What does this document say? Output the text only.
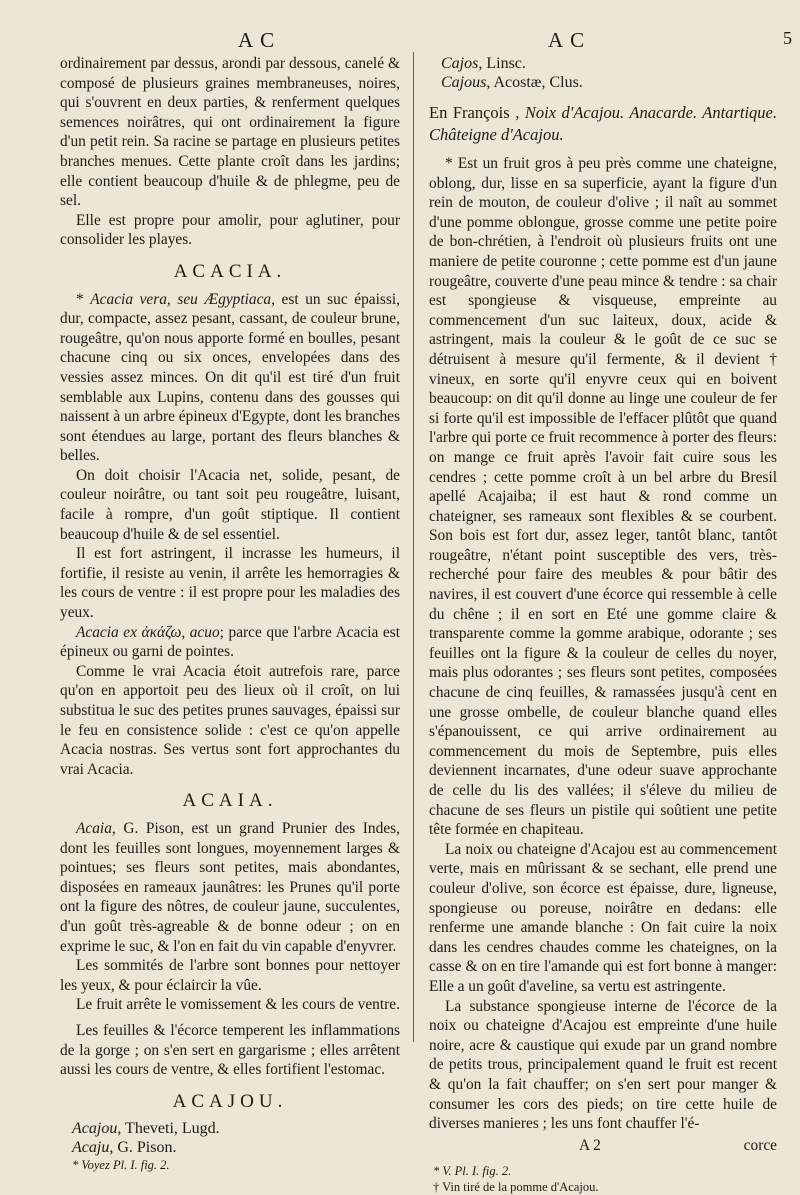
AC	AC	5

ordinairement par dessus, arondi par dessous, canelé & composé de plusieurs graines membraneuses, noires, qui s'ouvrent en deux parties, & renferment quelques semences noirâtres, qui ont ordinairement la figure d'un petit rein. Sa racine se partage en plusieurs petites branches menues. Cette plante croît dans les jardins; elle contient beaucoup d'huile & de phlegme, peu de sel.

Elle est propre pour amolir, pour aglutiner, pour consolider les playes.

ACACIA.

* Acacia vera, seu Ægyptiaca, est un suc épaissi, dur, compacte, assez pesant, cassant, de couleur brune, rougeâtre, qu'on nous apporte formé en boulles, pesant chacune cinq ou six onces, envelopées dans des vessies assez minces. On dit qu'il est tiré d'un fruit semblable aux Lupins, contenu dans des gousses qui naissent à un arbre épineux d'Egypte, dont les branches sont étendues au large, portant des fleurs blanches & belles.

On doit choisir l'Acacia net, solide, pesant, de couleur noirâtre, ou tant soit peu rougeâtre, luisant, facile à rompre, d'un goût stiptique. Il contient beaucoup d'huile & de sel essentiel.

Il est fort astringent, il incrasse les humeurs, il fortifie, il resiste au venin, il arrête les hemorragies & les cours de ventre : il est propre pour les maladies des yeux.

Acacia ex ἀκάζω, acuo; parce que l'arbre Acacia est épineux ou garni de pointes.

Comme le vrai Acacia étoit autrefois rare, parce qu'on en apportoit peu des lieux où il croît, on lui substitua le suc des petites prunes sauvages, épaissi sur le feu en consistence solide : c'est ce qu'on appelle Acacia nostras. Ses vertus sont fort approchantes du vrai Acacia.

ACAIA.

Acaia, G. Pison, est un grand Prunier des Indes, dont les feuilles sont longues, moyennement larges & pointues; ses fleurs sont petites, mais abondantes, disposées en rameaux jaunâtres: les Prunes qu'il porte ont la figure des nôtres, de couleur jaune, succulentes, d'un goût très-agreable & de bonne odeur ; on en exprime le suc, & l'on en fait du vin capable d'enyvrer.

Les sommités de l'arbre sont bonnes pour nettoyer les yeux, & pour éclaircir la vûe.

Le fruit arrête le vomissement & les cours de ventre.

Les feuilles & l'écorce temperent les inflammations de la gorge ; on s'en sert en gargarisme ; elles arrêtent aussi les cours de ventre, & elles fortifient l'estomac.

ACAJOU.

Acajou, Theveti, Lugd.

Acaju, G. Pison.

* Voyez Pl. I. fig. 2.

Cajos, Linsc.

Cajous, Acostæ, Clus.

En François , Noix d'Acajou. Anacarde. Antartique. Châteigne d'Acajou.

* Est un fruit gros à peu près comme une chateigne, oblong, dur, lisse en sa superficie, ayant la figure d'un rein de mouton, de couleur d'olive ; il naît au sommet d'une pomme oblongue, grosse comme une petite poire de bon-chrétien, à l'endroit où plusieurs fruits ont une maniere de petite couronne ; cette pomme est d'un jaune rougeâtre, couverte d'une peau mince & tendre : sa chair est spongieuse & visqueuse, empreinte au commencement d'un suc laiteux, doux, acide & astringent, mais la couleur & le goût de ce suc se détruisent à mesure qu'il fermente, & il devient † vineux, en sorte qu'il enyvre ceux qui en boivent beaucoup: on dit qu'il donne au linge une couleur de fer si forte qu'il est impossible de l'effacer plûtôt que quand l'arbre qui porte ce fruit recommence à porter des fleurs: on mange ce fruit après l'avoir fait cuire sous les cendres ; cette pomme croît à un bel arbre du Bresil apellé Acajaiba; il est haut & rond comme un chateigner, ses rameaux sont flexibles & se courbent. Son bois est fort dur, assez leger, tantôt blanc, tantôt rougeâtre, n'étant point susceptible des vers, très-recherché pour faire des meubles & pour bâtir des navires, il est couvert d'une écorce qui ressemble à celle du chêne ; il en sort en Eté une gomme claire & transparente comme la gomme arabique, odorante ; ses feuilles ont la figure & la couleur de celles du noyer, mais plus odorantes ; ses fleurs sont petites, composées chacune de cinq feuilles, & ramassées jusqu'à cent en une grosse ombelle, de couleur blanche quand elles s'épanouissent, ce qui arrive ordinairement au commencement du mois de Septembre, puis elles deviennent incarnates, d'une odeur suave approchante de celle du lis des vallées; il s'éleve du milieu de chacune de ses fleurs un pistile qui soûtient une petite tête formée en chapiteau.

La noix ou chateigne d'Acajou est au commencement verte, mais en mûrissant & se sechant, elle prend une couleur d'olive, son écorce est épaisse, dure, ligneuse, spongieuse ou poreuse, noirâtre en dedans: elle renferme une amande blanche : On fait cuire la noix dans les cendres chaudes comme les chateignes, on la casse & on en tire l'amande qui est fort bonne à manger: Elle a un goût d'aveline, sa vertu est astringente.

La substance spongieuse interne de l'écorce de la noix ou chateigne d'Acajou est empreinte d'une huile noire, acre & caustique qui exude par un grand nombre de petits trous, principalement quand le fruit est recent & qu'on la fait chauffer; on s'en sert pour manger & consumer les cors des pieds; on tire cette huile de diverses manieres ; les uns font chauffer l'é-

A 2	corce

* V. Pl. I. fig. 2.

† Vin tiré de la pomme d'Acajou.
